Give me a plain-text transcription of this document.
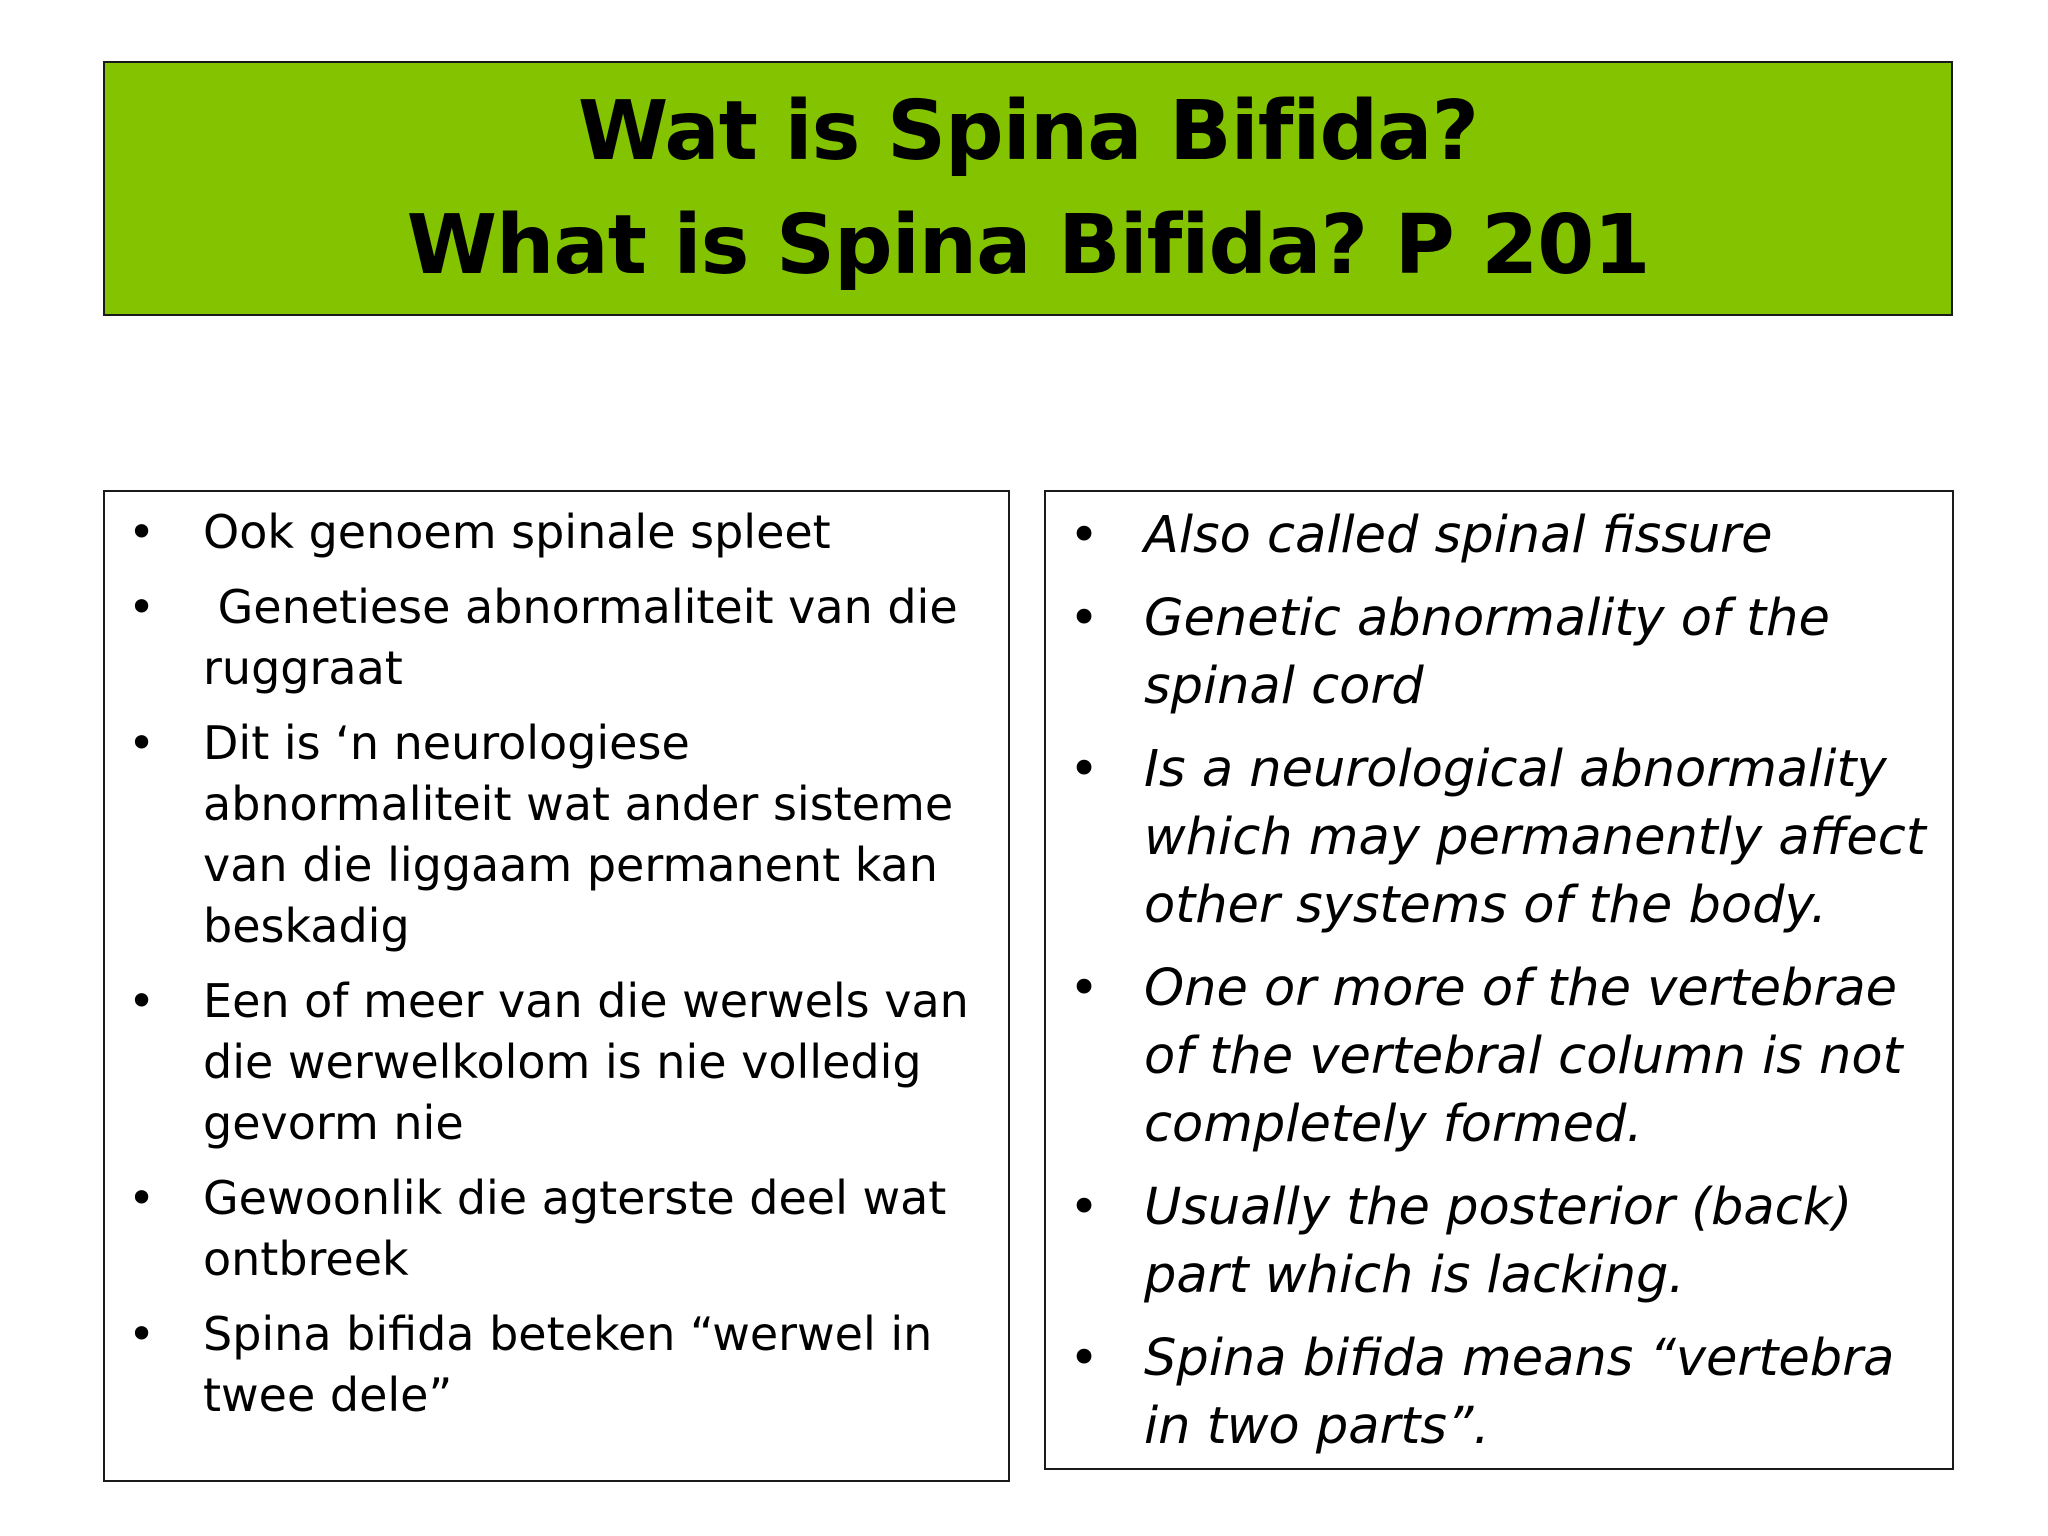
Wat is Spina Bifida?
What is Spina Bifida? P 201
• Ook genoem spinale spleet
• Genetiese abnormaliteit van die ruggraat
• Dit is ‘n neurologiese abnormaliteit wat ander sisteme van die liggaam permanent kan beskadig
• Een of meer van die werwels van die werwelkolom is nie volledig gevorm nie
• Gewoonlik die agterste deel wat ontbreek
• Spina bifida beteken “werwel in twee dele”
• Also called spinal fissure
• Genetic abnormality of the spinal cord
• Is a neurological abnormality which may permanently affect other systems of the body.
• One or more of the vertebrae of the vertebral column is not completely formed.
• Usually the posterior (back) part which is lacking.
• Spina bifida means “vertebra in two parts”.
